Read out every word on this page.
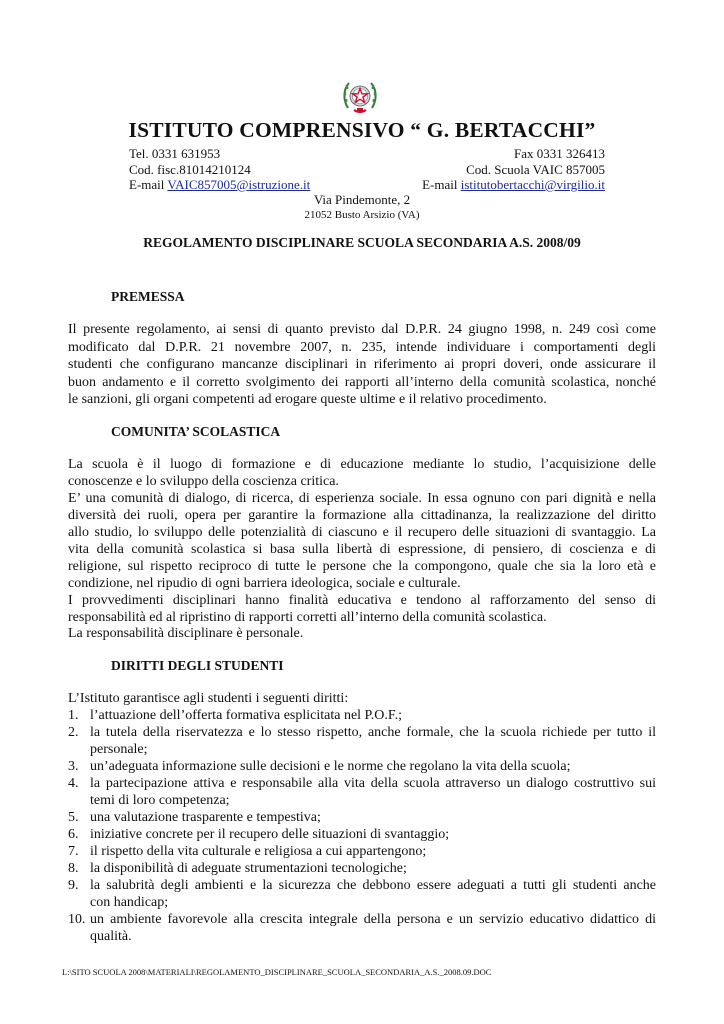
ISTITUTO COMPRENSIVO “ G. BERTACCHI”
Tel. 0331 631953	Fax 0331 326413
Cod. fisc.81014210124	Cod. Scuola VAIC 857005
E-mail VAIC857005@istruzione.it	E-mail istitutobertacchi@virgilio.it
Via Pindemonte, 2
21052 Busto Arsizio (VA)
REGOLAMENTO DISCIPLINARE SCUOLA SECONDARIA A.S. 2008/09
PREMESSA
Il presente regolamento, ai sensi di quanto previsto dal D.P.R. 24 giugno 1998, n. 249 così come
modificato dal D.P.R. 21 novembre 2007, n. 235, intende individuare i comportamenti degli
studenti che configurano mancanze disciplinari in riferimento ai propri doveri, onde assicurare il
buon andamento e il corretto svolgimento dei rapporti all’interno della comunità scolastica, nonché
le sanzioni, gli organi competenti ad erogare queste ultime e il relativo procedimento.
COMUNITA’ SCOLASTICA
La scuola è il luogo di formazione e di educazione mediante lo studio, l’acquisizione delle
conoscenze e lo sviluppo della coscienza critica.
E’ una comunità di dialogo, di ricerca, di esperienza sociale. In essa ognuno con pari dignità e nella
diversità dei ruoli, opera per garantire la formazione alla cittadinanza, la realizzazione del diritto
allo studio, lo sviluppo delle potenzialità di ciascuno e il recupero delle situazioni di svantaggio. La
vita della comunità scolastica si basa sulla libertà di espressione, di pensiero, di coscienza e di
religione, sul rispetto reciproco di tutte le persone che la compongono, quale che sia la loro età e
condizione, nel ripudio di ogni barriera ideologica, sociale e culturale.
I provvedimenti disciplinari hanno finalità educativa e tendono al rafforzamento del senso di
responsabilità ed al ripristino di rapporti corretti all’interno della comunità scolastica.
La responsabilità disciplinare è personale.
DIRITTI DEGLI STUDENTI
L’Istituto garantisce agli studenti i seguenti diritti:
1. l’attuazione dell’offerta formativa esplicitata nel P.O.F.;
2. la tutela della riservatezza e lo stesso rispetto, anche formale, che la scuola richiede per tutto il
personale;
3. un’adeguata informazione sulle decisioni e le norme che regolano la vita della scuola;
4. la partecipazione attiva e responsabile alla vita della scuola attraverso un dialogo costruttivo sui
temi di loro competenza;
5. una valutazione trasparente e tempestiva;
6. iniziative concrete per il recupero delle situazioni di svantaggio;
7. il rispetto della vita culturale e religiosa a cui appartengono;
8. la disponibilità di adeguate strumentazioni tecnologiche;
9. la salubrità degli ambienti e la sicurezza che debbono essere adeguati a tutti gli studenti anche
con handicap;
10. un ambiente favorevole alla crescita integrale della persona e un servizio educativo didattico di
qualità.
L:\SITO SCUOLA 2008\MATERIALI\REGOLAMENTO_DISCIPLINARE_SCUOLA_SECONDARIA_A.S._2008.09.DOC
